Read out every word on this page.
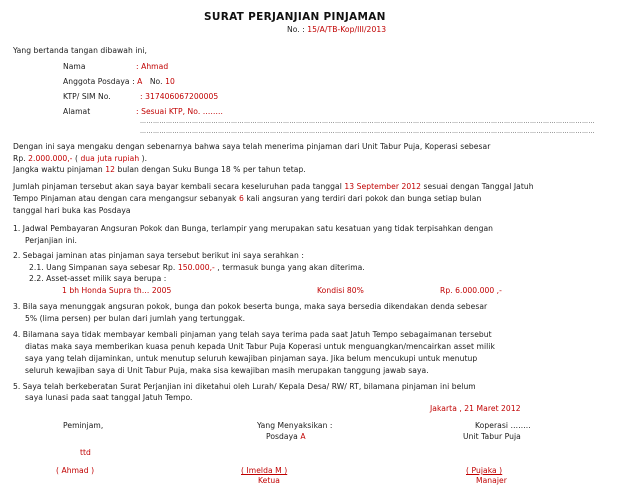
SURAT PERJANJIAN PINJAMAN
No. : 15/A/TB-Kop/III/2013
Yang bertanda tangan dibawah ini,
Nama	: Ahmad
Anggota Posdaya : A No. 10
KTP/ SIM No.	: 317406067200005
Alamat	: Sesuai KTP, No. ……..
…………………………………………………………………………………………………………………………………………………………………………………………
…………………………………………………………………………………………………………………………………………………………………………………………
Dengan ini saya mengaku dengan sebenarnya bahwa saya telah menerima pinjaman dari Unit Tabur Puja, Koperasi sebesar
Rp. 2.000.000,- ( dua juta rupiah ).
Jangka waktu pinjaman 12 bulan dengan Suku Bunga 18 % per tahun tetap.
Jumlah pinjaman tersebut akan saya bayar kembali secara keseluruhan pada tanggal 13 September 2012 sesuai dengan Tanggal Jatuh
Tempo Pinjaman atau dengan cara mengangsur sebanyak 6 kali angsuran yang terdiri dari pokok dan bunga setiap bulan
tanggal hari buka kas Posdaya
1. Jadwal Pembayaran Angsuran Pokok dan Bunga, terlampir yang merupakan satu kesatuan yang tidak terpisahkan dengan
Perjanjian ini.
2. Sebagai jaminan atas pinjaman saya tersebut berikut ini saya serahkan :
2.1. Uang Simpanan saya sebesar Rp. 150.000,- , termasuk bunga yang akan diterima.
2.2. Asset-asset milik saya berupa :
1 bh Honda Supra th… 2005	Kondisi 80%	Rp. 6.000.000 ,-
3. Bila saya menunggak angsuran pokok, bunga dan pokok beserta bunga, maka saya bersedia dikendakan denda sebesar
5% (lima persen) per bulan dari jumlah yang tertunggak.
4. Bilamana saya tidak membayar kembali pinjaman yang telah saya terima pada saat Jatuh Tempo sebagaimanan tersebut
diatas maka saya memberikan kuasa penuh kepada Unit Tabur Puja Koperasi untuk menguangkan/mencairkan asset milik
saya yang telah dijaminkan, untuk menutup seluruh kewajiban pinjaman saya. Jika belum mencukupi untuk menutup
seluruh kewajiban saya di Unit Tabur Puja, maka sisa kewajiban masih merupakan tanggung jawab saya.
5. Saya telah berkeberatan Surat Perjanjian ini diketahui oleh Lurah/ Kepala Desa/ RW/ RT, bilamana pinjaman ini belum
saya lunasi pada saat tanggal Jatuh Tempo.
Jakarta , 21 Maret 2012
Peminjam,	Yang Menyaksikan :
Posdaya A
Koperasi ……..
Unit Tabur Puja
ttd
( Ahmad )	( Imelda M )
Ketua
( Pujaka )
Manajer
